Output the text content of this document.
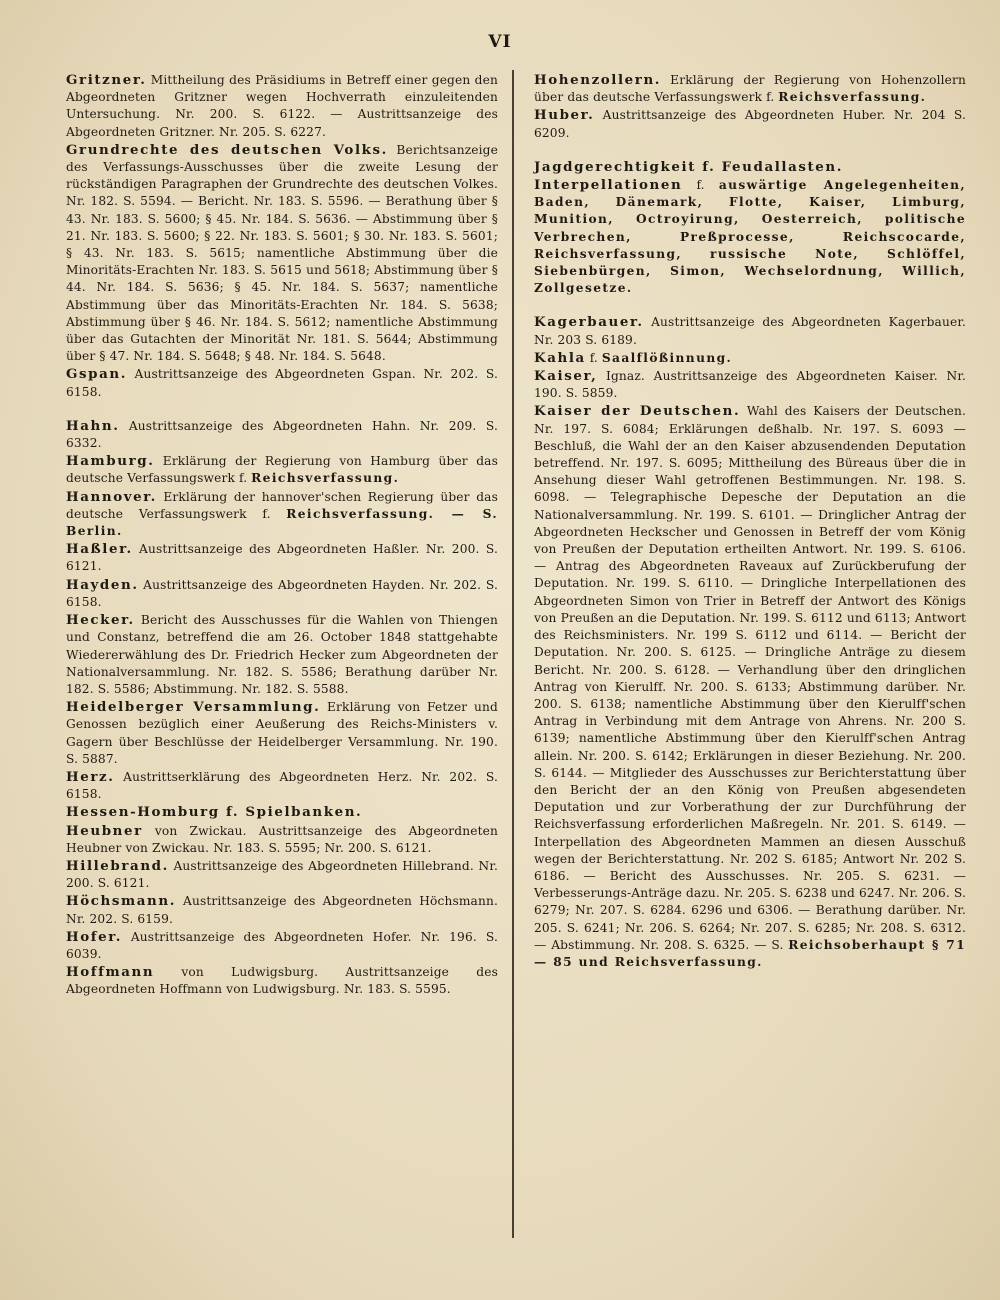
VI

Gritzner. Mittheilung des Präsidiums in Betreff einer gegen den Abgeordneten Gritzner wegen Hochverrath einzuleitenden Untersuchung. Nr. 200. S. 6122. — Austrittsanzeige des Abgeordneten Gritzner. Nr. 205. S. 6227.

Grundrechte des deutschen Volks. Berichtsanzeige des Verfassungs-Ausschusses über die zweite Lesung der rückständigen Paragraphen der Grundrechte des deutschen Volkes. Nr. 182. S. 5594. — Bericht. Nr. 183. S. 5596. — Berathung über § 43. Nr. 183. S. 5600; § 45. Nr. 184. S. 5636. — Abstimmung über § 21. Nr. 183. S. 5600; § 22. Nr. 183. S. 5601; § 30. Nr. 183. S. 5601; § 43. Nr. 183. S. 5615; namentliche Abstimmung über die Minoritäts-Erachten Nr. 183. S. 5615 und 5618; Abstimmung über § 44. Nr. 184. S. 5636; § 45. Nr. 184. S. 5637; namentliche Abstimmung über das Minoritäts-Erachten Nr. 184. S. 5638; Abstimmung über § 46. Nr. 184. S. 5612; namentliche Abstimmung über das Gutachten der Minorität Nr. 181. S. 5644; Abstimmung über § 47. Nr. 184. S. 5648; § 48. Nr. 184. S. 5648.

Gspan. Austrittsanzeige des Abgeordneten Gspan. Nr. 202. S. 6158.

Hahn. Austrittsanzeige des Abgeordneten Hahn. Nr. 209. S. 6332.

Hamburg. Erklärung der Regierung von Hamburg über das deutsche Verfassungswerk f. Reichsverfassung.

Hannover. Erklärung der hannover'schen Regierung über das deutsche Verfassungswerk f. Reichsverfassung. — S. Berlin.

Haßler. Austrittsanzeige des Abgeordneten Haßler. Nr. 200. S. 6121.

Hayden. Austrittsanzeige des Abgeordneten Hayden. Nr. 202. S. 6158.

Hecker. Bericht des Ausschusses für die Wahlen von Thiengen und Constanz, betreffend die am 26. October 1848 stattgehabte Wiedererwählung des Dr. Friedrich Hecker zum Abgeordneten der Nationalversammlung. Nr. 182. S. 5586; Berathung darüber Nr. 182. S. 5586; Abstimmung. Nr. 182. S. 5588.

Heidelberger Versammlung. Erklärung von Fetzer und Genossen bezüglich einer Aeußerung des Reichs-Ministers v. Gagern über Beschlüsse der Heidelberger Versammlung. Nr. 190. S. 5887.

Herz. Austrittserklärung des Abgeordneten Herz. Nr. 202. S. 6158.

Hessen-Homburg f. Spielbanken.

Heubner von Zwickau. Austrittsanzeige des Abgeordneten Heubner von Zwickau. Nr. 183. S. 5595; Nr. 200. S. 6121.

Hillebrand. Austrittsanzeige des Abgeordneten Hillebrand. Nr. 200. S. 6121.

Höchsmann. Austrittsanzeige des Abgeordneten Höchsmann. Nr. 202. S. 6159.

Hofer. Austrittsanzeige des Abgeordneten Hofer. Nr. 196. S. 6039.

Hoffmann von Ludwigsburg. Austrittsanzeige des Abgeordneten Hoffmann von Ludwigsburg. Nr. 183. S. 5595.

Hohenzollern. Erklärung der Regierung von Hohenzollern über das deutsche Verfassungswerk f. Reichsverfassung.

Huber. Austrittsanzeige des Abgeordneten Huber. Nr. 204 S. 6209.

Jagdgerechtigkeit f. Feudallasten.

Interpellationen f. auswärtige Angelegenheiten, Baden, Dänemark, Flotte, Kaiser, Limburg, Munition, Octroyirung, Oesterreich, politische Verbrechen, Preßprocesse, Reichscocarde, Reichsverfassung, russische Note, Schlöffel, Siebenbürgen, Simon, Wechselordnung, Willich, Zollgesetze.

Kagerbauer. Austrittsanzeige des Abgeordneten Kagerbauer. Nr. 203 S. 6189.

Kahla f. Saalflößinnung.

Kaiser, Ignaz. Austrittsanzeige des Abgeordneten Kaiser. Nr. 190. S. 5859.

Kaiser der Deutschen. Wahl des Kaisers der Deutschen. Nr. 197. S. 6084; Erklärungen deßhalb. Nr. 197. S. 6093 — Beschluß, die Wahl der an den Kaiser abzusendenden Deputation betreffend. Nr. 197. S. 6095; Mittheilung des Büreaus über die in Ansehung dieser Wahl getroffenen Bestimmungen. Nr. 198. S. 6098. — Telegraphische Depesche der Deputation an die Nationalversammlung. Nr. 199. S. 6101. — Dringlicher Antrag der Abgeordneten Heckscher und Genossen in Betreff der vom König von Preußen der Deputation ertheilten Antwort. Nr. 199. S. 6106. — Antrag des Abgeordneten Raveaux auf Zurückberufung der Deputation. Nr. 199. S. 6110. — Dringliche Interpellationen des Abgeordneten Simon von Trier in Betreff der Antwort des Königs von Preußen an die Deputation. Nr. 199. S. 6112 und 6113; Antwort des Reichsministers. Nr. 199 S. 6112 und 6114. — Bericht der Deputation. Nr. 200. S. 6125. — Dringliche Anträge zu diesem Bericht. Nr. 200. S. 6128. — Verhandlung über den dringlichen Antrag von Kierulff. Nr. 200. S. 6133; Abstimmung darüber. Nr. 200. S. 6138; namentliche Abstimmung über den Kierulff'schen Antrag in Verbindung mit dem Antrage von Ahrens. Nr. 200 S. 6139; namentliche Abstimmung über den Kierulff'schen Antrag allein. Nr. 200. S. 6142; Erklärungen in dieser Beziehung. Nr. 200. S. 6144. — Mitglieder des Ausschusses zur Berichterstattung über den Bericht der an den König von Preußen abgesendeten Deputation und zur Vorberathung der zur Durchführung der Reichsverfassung erforderlichen Maßregeln. Nr. 201. S. 6149. — Interpellation des Abgeordneten Mammen an diesen Ausschuß wegen der Berichterstattung. Nr. 202 S. 6185; Antwort Nr. 202 S. 6186. — Bericht des Ausschusses. Nr. 205. S. 6231. — Verbesserungs-Anträge dazu. Nr. 205. S. 6238 und 6247. Nr. 206. S. 6279; Nr. 207. S. 6284. 6296 und 6306. — Berathung darüber. Nr. 205. S. 6241; Nr. 206. S. 6264; Nr. 207. S. 6285; Nr. 208. S. 6312. — Abstimmung. Nr. 208. S. 6325. — S. Reichsoberhaupt § 71 — 85 und Reichsverfassung.
